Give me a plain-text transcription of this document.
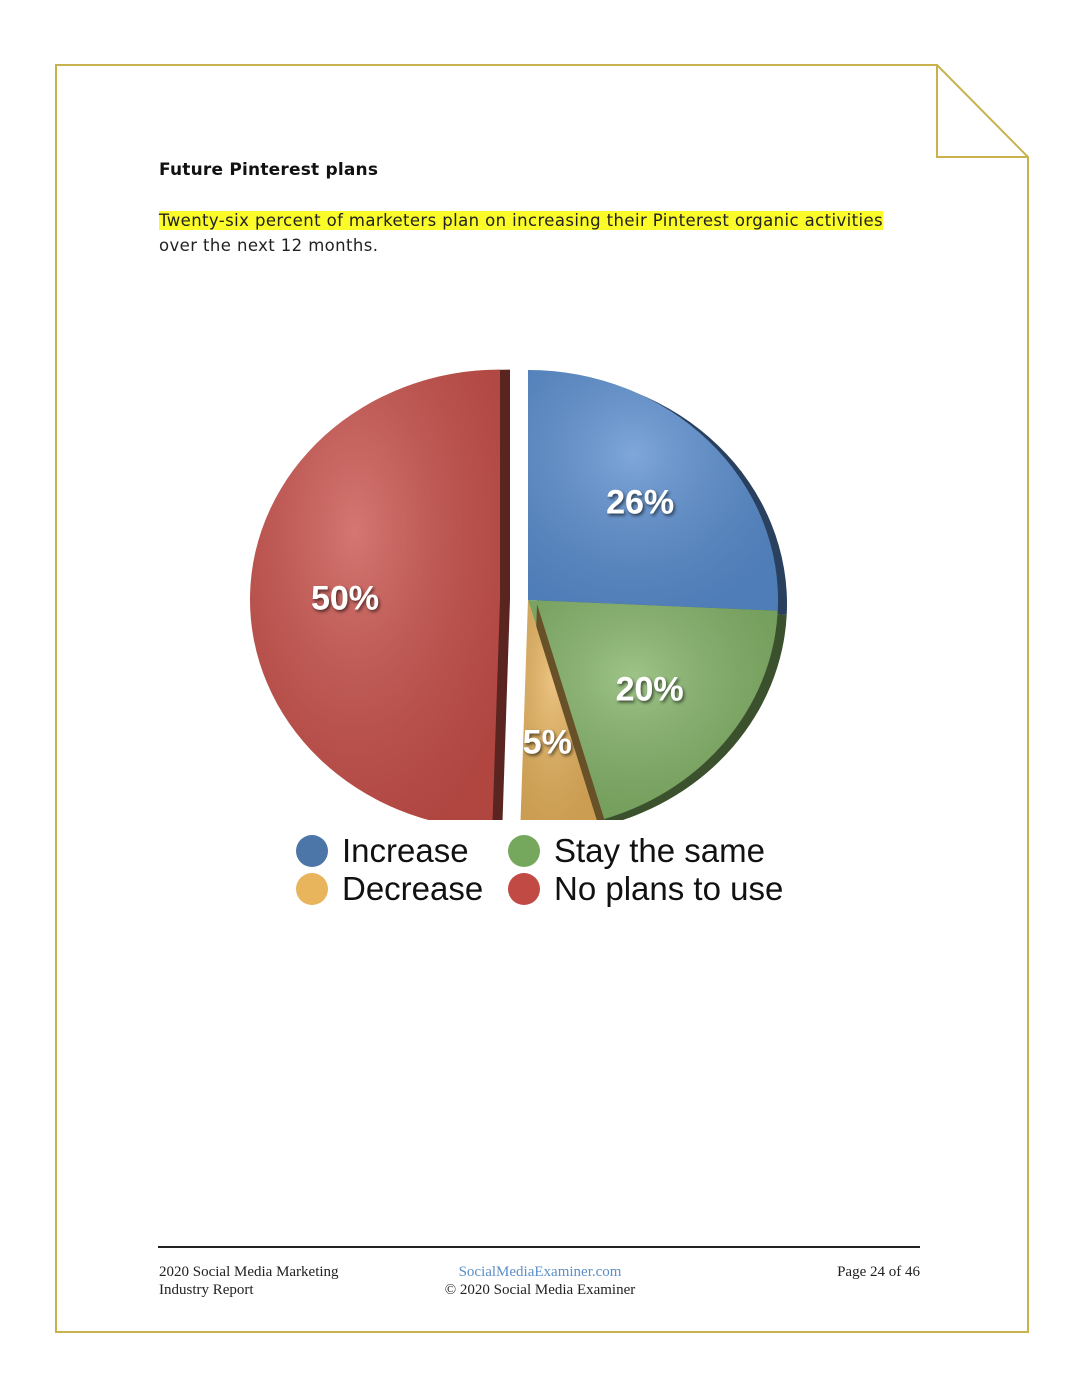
Future Pinterest plans

Twenty-six percent of marketers plan on increasing their Pinterest organic activities
over the next 12 months.

26%
20%
5%
50%
Increase	Stay the same
Decrease	No plans to use
2020 Social Media Marketing
Industry Report
SocialMediaExaminer.com
© 2020 Social Media Examiner
Page 24 of 46
